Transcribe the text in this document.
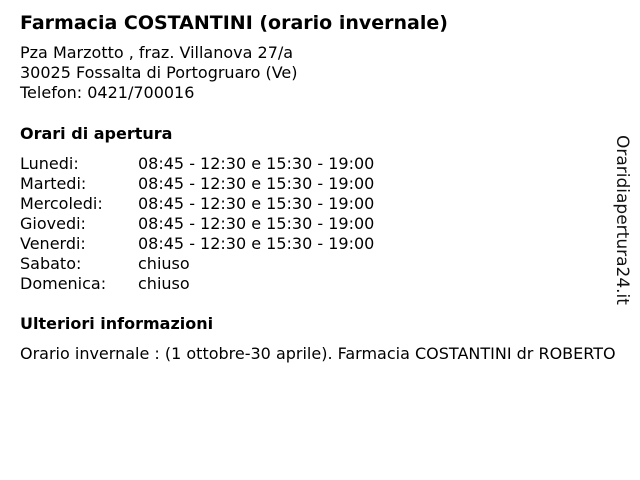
Farmacia COSTANTINI (orario invernale)
Pza Marzotto , fraz. Villanova 27/a
30025 Fossalta di Portogruaro (Ve)
Telefon: 0421/700016
Orari di apertura
Lunedi:	08:45 - 12:30 e 15:30 - 19:00
Martedi:	08:45 - 12:30 e 15:30 - 19:00
Mercoledi:	08:45 - 12:30 e 15:30 - 19:00
Giovedi:	08:45 - 12:30 e 15:30 - 19:00
Venerdi:	08:45 - 12:30 e 15:30 - 19:00
Sabato:	chiuso
Domenica:	chiuso
Ulteriori informazioni
Orario invernale : (1 ottobre-30 aprile). Farmacia COSTANTINI dr ROBERTO
Oraridiapertura24.it
